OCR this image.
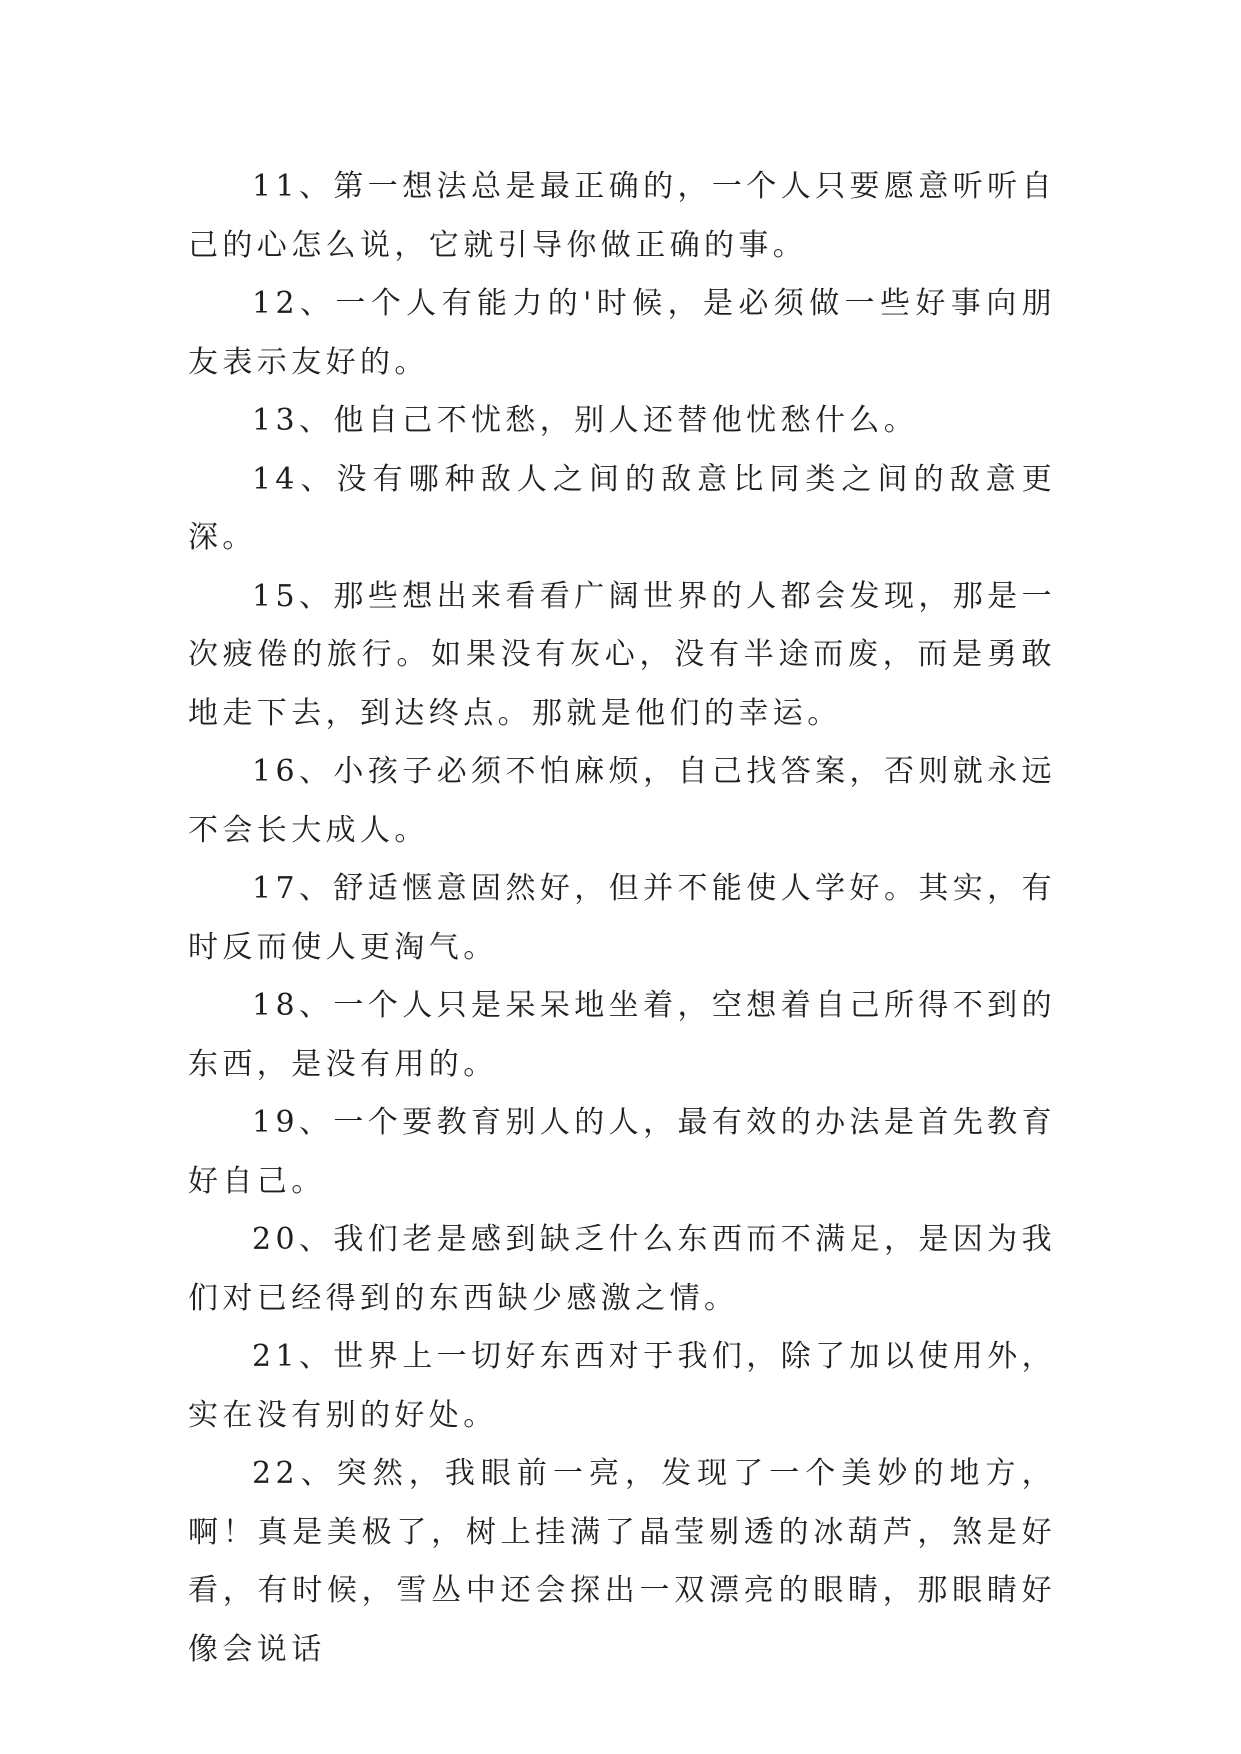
11、第一想法总是最正确的，一个人只要愿意听听自己的心怎么说，它就引导你做正确的事。

12、一个人有能力的'时候，是必须做一些好事向朋友表示友好的。

13、他自己不忧愁，别人还替他忧愁什么。

14、没有哪种敌人之间的敌意比同类之间的敌意更深。

15、那些想出来看看广阔世界的人都会发现，那是一次疲倦的旅行。如果没有灰心，没有半途而废，而是勇敢地走下去，到达终点。那就是他们的幸运。

16、小孩子必须不怕麻烦，自己找答案，否则就永远不会长大成人。

17、舒适惬意固然好，但并不能使人学好。其实，有时反而使人更淘气。

18、一个人只是呆呆地坐着，空想着自己所得不到的东西，是没有用的。

19、一个要教育别人的人，最有效的办法是首先教育好自己。

20、我们老是感到缺乏什么东西而不满足，是因为我们对已经得到的东西缺少感激之情。

21、世界上一切好东西对于我们，除了加以使用外，实在没有别的好处。

22、突然，我眼前一亮，发现了一个美妙的地方，啊！真是美极了，树上挂满了晶莹剔透的冰葫芦，煞是好看，有时候，雪丛中还会探出一双漂亮的眼睛，那眼睛好像会说话
